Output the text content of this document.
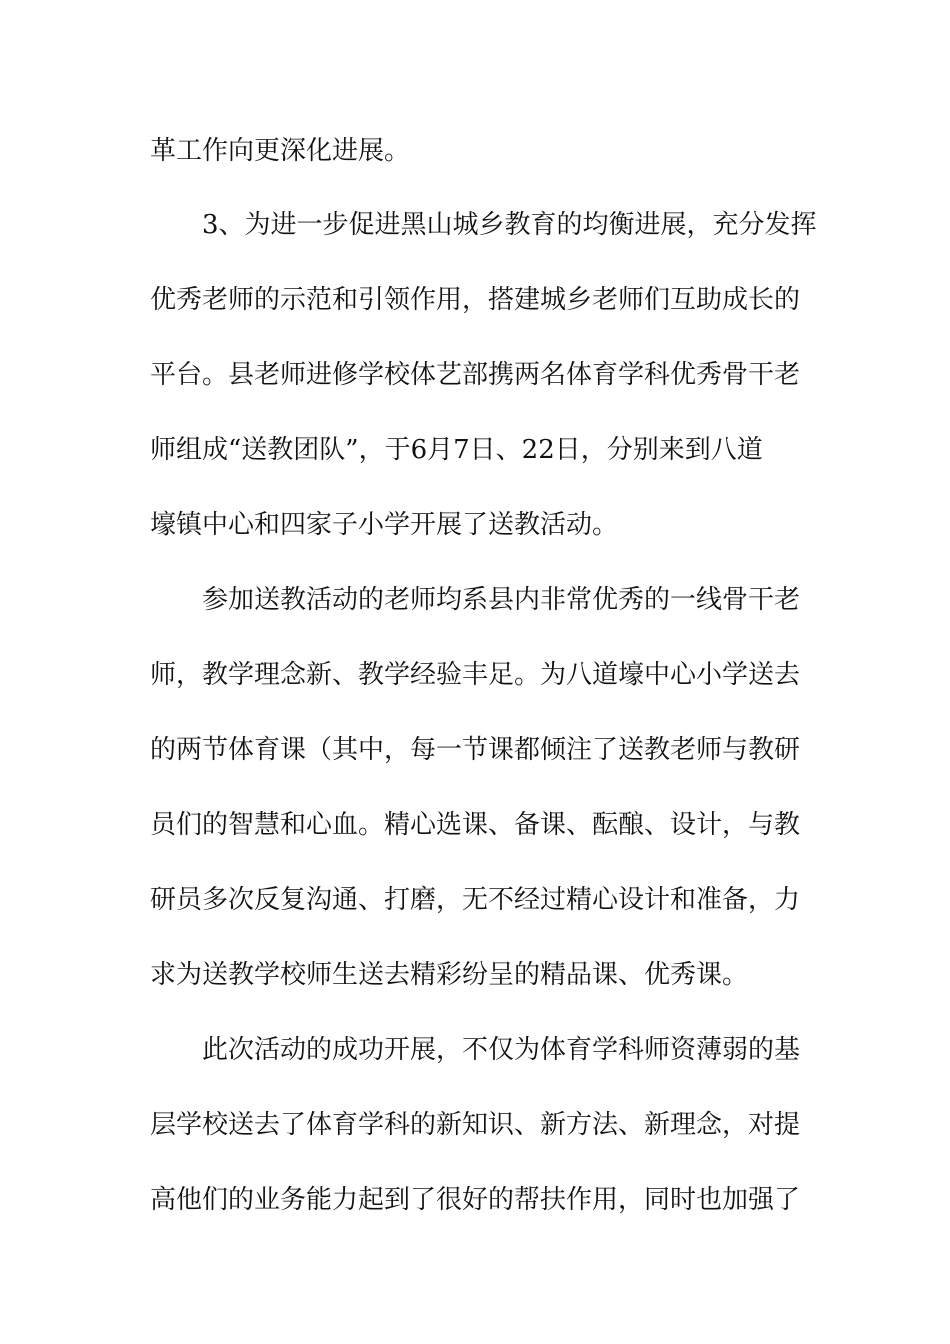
革工作向更深化进展。
3、为进一步促进黑山城乡教育的均衡进展，充分发挥
优秀老师的示范和引领作用，搭建城乡老师们互助成长的
平台。县老师进修学校体艺部携两名体育学科优秀骨干老
师组成“送教团队”，于6月7日、22日，分别来到八道
壕镇中心和四家子小学开展了送教活动。
参加送教活动的老师均系县内非常优秀的一线骨干老
师，教学理念新、教学经验丰足。为八道壕中心小学送去
的两节体育课（其中，每一节课都倾注了送教老师与教研
员们的智慧和心血。精心选课、备课、酝酿、设计，与教
研员多次反复沟通、打磨，无不经过精心设计和准备，力
求为送教学校师生送去精彩纷呈的精品课、优秀课。
此次活动的成功开展，不仅为体育学科师资薄弱的基
层学校送去了体育学科的新知识、新方法、新理念，对提
高他们的业务能力起到了很好的帮扶作用，同时也加强了
